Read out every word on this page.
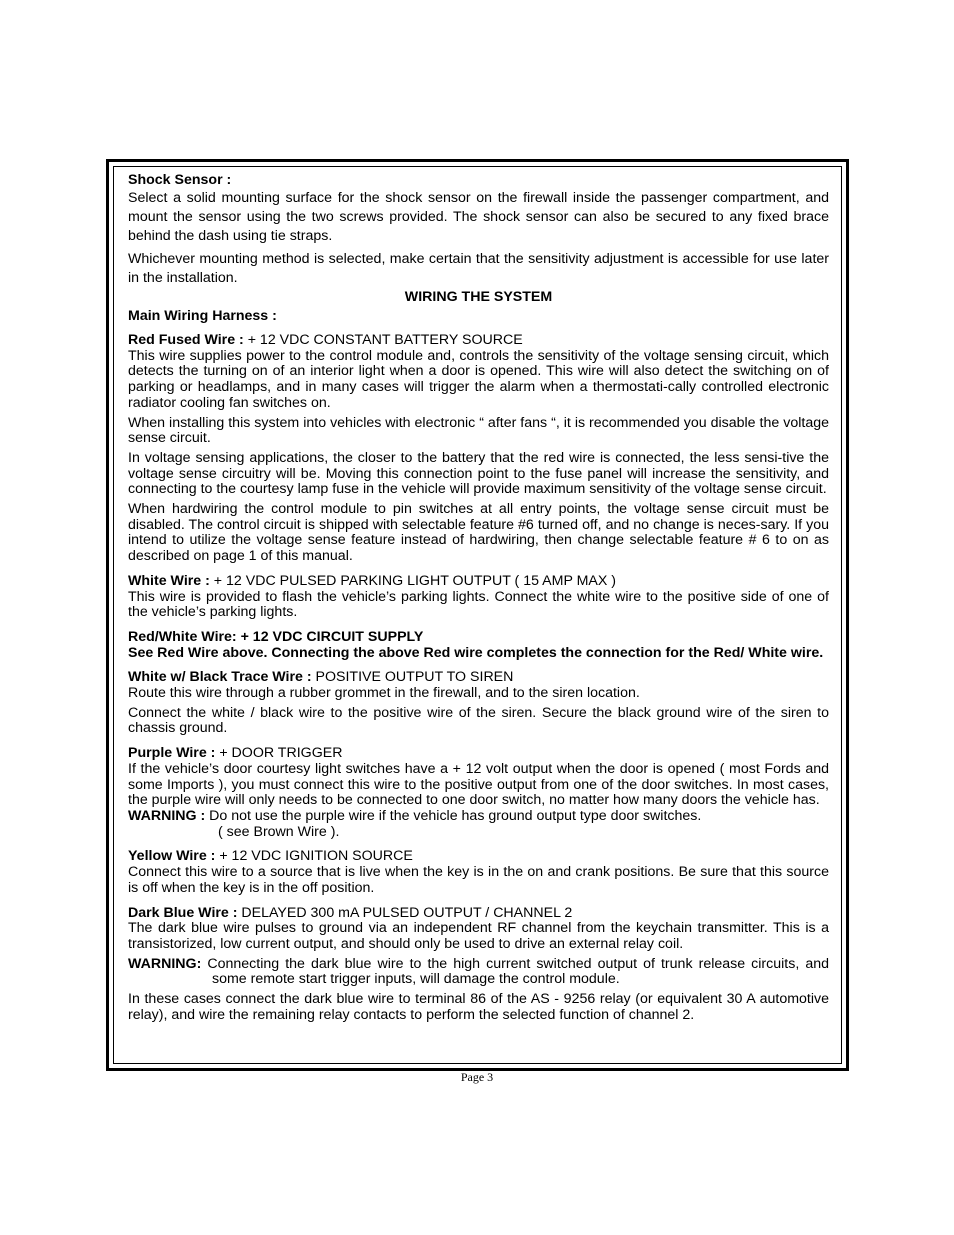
Shock Sensor :

Select a solid mounting surface for the shock sensor on the firewall inside the passenger compartment, and mount the sensor using the two screws provided. The shock sensor can also be secured to any fixed brace behind the dash using tie straps.

Whichever mounting method is selected, make certain that the sensitivity adjustment is accessible for use later in the installation.

WIRING THE SYSTEM

Main Wiring Harness :

Red Fused Wire : + 12 VDC CONSTANT BATTERY SOURCE

This wire supplies power to the control module and, controls the sensitivity of the voltage sensing circuit, which detects the turning on of an interior light when a door is opened. This wire will also detect the switching on of parking or headlamps, and in many cases will trigger the alarm when a thermostati-cally controlled electronic radiator cooling fan switches on.

When installing this system into vehicles with electronic “ after fans “, it is recommended you disable the voltage sense circuit.

In voltage sensing applications, the closer to the battery that the red wire is connected, the less sensi-tive the voltage sense circuitry will be. Moving this connection point to the fuse panel will increase the sensitivity, and connecting to the courtesy lamp fuse in the vehicle will provide maximum sensitivity of the voltage sense circuit.

When hardwiring the control module to pin switches at all entry points, the voltage sense circuit must be disabled. The control circuit is shipped with selectable feature #6 turned off, and no change is neces-sary. If you intend to utilize the voltage sense feature instead of hardwiring, then change selectable feature # 6 to on as described on page 1 of this manual.

White Wire : + 12 VDC PULSED PARKING LIGHT OUTPUT ( 15 AMP MAX )

This wire is provided to flash the vehicle’s parking lights. Connect the white wire to the positive side of one of the vehicle’s parking lights.

Red/White Wire: + 12 VDC CIRCUIT SUPPLY

See Red Wire above. Connecting the above Red wire completes the connection for the Red/ White wire.

White w/ Black Trace Wire : POSITIVE OUTPUT TO SIREN

Route this wire through a rubber grommet in the firewall, and to the siren location.

Connect the white / black wire to the positive wire of the siren. Secure the black ground wire of the siren to chassis ground.

Purple Wire : + DOOR TRIGGER

If the vehicle’s door courtesy light switches have a + 12 volt output when the door is opened ( most Fords and some Imports ), you must connect this wire to the positive output from one of the door switches. In most cases, the purple wire will only needs to be connected to one door switch, no matter how many doors the vehicle has.

WARNING : Do not use the purple wire if the vehicle has ground output type door switches.

( see Brown Wire ).

Yellow Wire : + 12 VDC IGNITION SOURCE

Connect this wire to a source that is live when the key is in the on and crank positions. Be sure that this source is off when the key is in the off position.

Dark Blue Wire : DELAYED 300 mA PULSED OUTPUT / CHANNEL 2

The dark blue wire pulses to ground via an independent RF channel from the keychain transmitter. This is a transistorized, low current output, and should only be used to drive an external relay coil.

WARNING: Connecting the dark blue wire to the high current switched output of trunk release circuits, and some remote start trigger inputs, will damage the control module.

In these cases connect the dark blue wire to terminal 86 of the AS - 9256 relay (or equivalent 30 A automotive relay), and wire the remaining relay contacts to perform the selected function of channel 2.

Page 3
